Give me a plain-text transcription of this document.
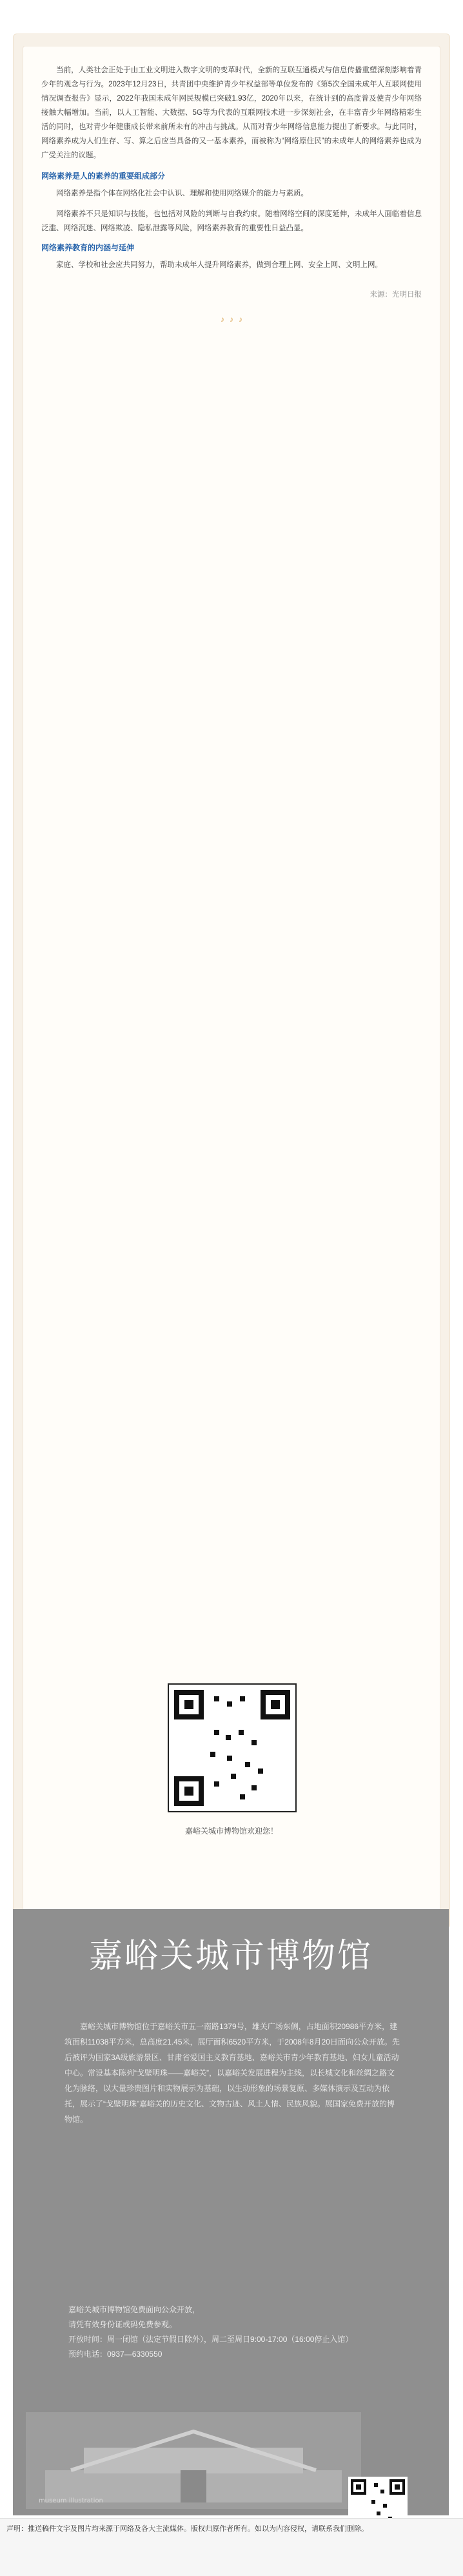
当前，人类社会正处于由工业文明进入数字文明的变革时代，全新的互联互通模式与信息传播重塑深刻影响着青少年的观念与行为。2023年12月23日，共青团中央维护青少年权益部等单位发布的《第5次全国未成年人互联网使用情况调查报告》显示，2022年我国未成年网民规模已突破1.93亿，2020年以来，在统计到的高度普及使青少年网络接触大幅增加。当前，以人工智能、大数据、5G等为代表的互联网技术进一步深刻社会，在丰富青少年网络精彩生活的同时，也对青少年健康成长带来前所未有的冲击与挑战。从而对青少年网络信息能力提出了新要求。与此同时，网络素养成为人们生存、写、算之后应当具备的又一基本素养，而被称为“网络原住民”的未成年人的网络素养也成为广受关注的议题。

网络素养是人的素养的重要组成部分

网络素养是指个体在网络化社会中认识、理解和使用网络媒介的能力与素质。

网络素养不只是知识与技能，也包括对风险的判断与自我约束。随着网络空间的深度延伸，未成年人面临着信息泛滥、网络沉迷、网络欺凌、隐私泄露等风险，网络素养教育的重要性日益凸显。

网络素养教育的内涵与延伸

家庭、学校和社会应共同努力，帮助未成年人提升网络素养，做到合理上网、安全上网、文明上网。

来源：光明日报
♪ ♪ ♪
嘉峪关城市博物馆欢迎您！
嘉峪关城市博物馆

嘉峪关城市博物馆位于嘉峪关市五一南路1379号，雄关广场东侧，占地面积20986平方米，建筑面积11038平方米，总高度21.45米，展厅面积6520平方米，于2008年8月20日面向公众开放。先后被评为国家3A级旅游景区、甘肃省爱国主义教育基地、嘉峪关市青少年教育基地、妇女儿童活动中心。常设基本陈列“戈壁明珠——嘉峪关”，以嘉峪关发展进程为主线，以长城文化和丝绸之路文化为脉络，以大量珍贵图片和实物展示为基础，以生动形象的场景复原、多媒体演示及互动为依托，展示了“戈壁明珠”嘉峪关的历史文化、文物古迹、风土人情、民族风貌。展国家免费开放的博物馆。

嘉峪关城市博物馆免费面向公众开放，
请凭有效身份证或码免费参观。
开放时间：周一闭馆（法定节假日除外），周二至周日9:00-17:00（16:00停止入馆）
预约电话：0937—6330550
museum illustration
声明：推送稿件文字及图片均来源于网络及各大主流媒体。版权归原作者所有。如以为内容侵权，请联系我们删除。
